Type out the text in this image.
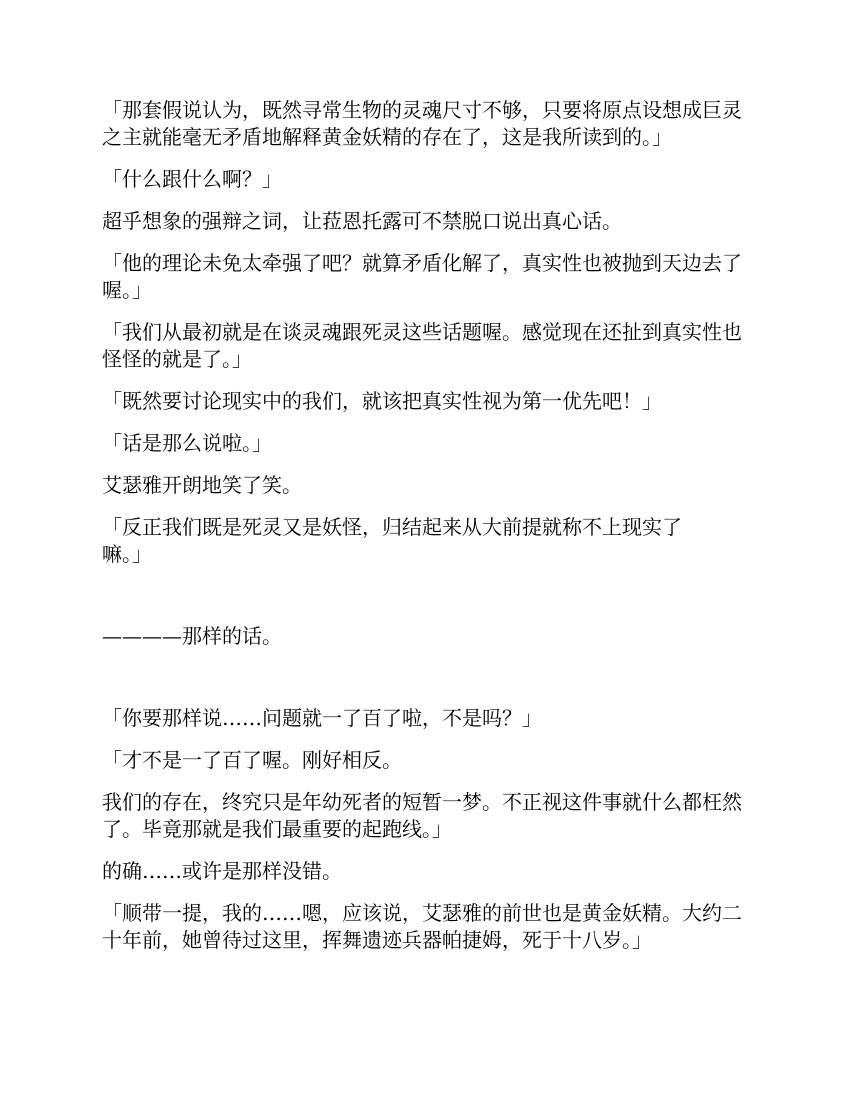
「那套假说认为，既然寻常生物的灵魂尺寸不够，只要将原点设想成巨灵之主就能毫无矛盾地解释黄金妖精的存在了，这是我所读到的。」

「什么跟什么啊？」

超乎想象的强辩之词，让菈恩托露可不禁脱口说出真心话。

「他的理论未免太牵强了吧？就算矛盾化解了，真实性也被抛到天边去了喔。」

「我们从最初就是在谈灵魂跟死灵这些话题喔。感觉现在还扯到真实性也怪怪的就是了。」

「既然要讨论现实中的我们，就该把真实性视为第一优先吧！」

「话是那么说啦。」

艾瑟雅开朗地笑了笑。

「反正我们既是死灵又是妖怪，归结起来从大前提就称不上现实了嘛。」

————那样的话。

「你要那样说……问题就一了百了啦，不是吗？」

「才不是一了百了喔。刚好相反。

我们的存在，终究只是年幼死者的短暂一梦。不正视这件事就什么都枉然了。毕竟那就是我们最重要的起跑线。」

的确……或许是那样没错。

「顺带一提，我的……嗯，应该说，艾瑟雅的前世也是黄金妖精。大约二十年前，她曾待过这里，挥舞遗迹兵器帕捷姆，死于十八岁。」
